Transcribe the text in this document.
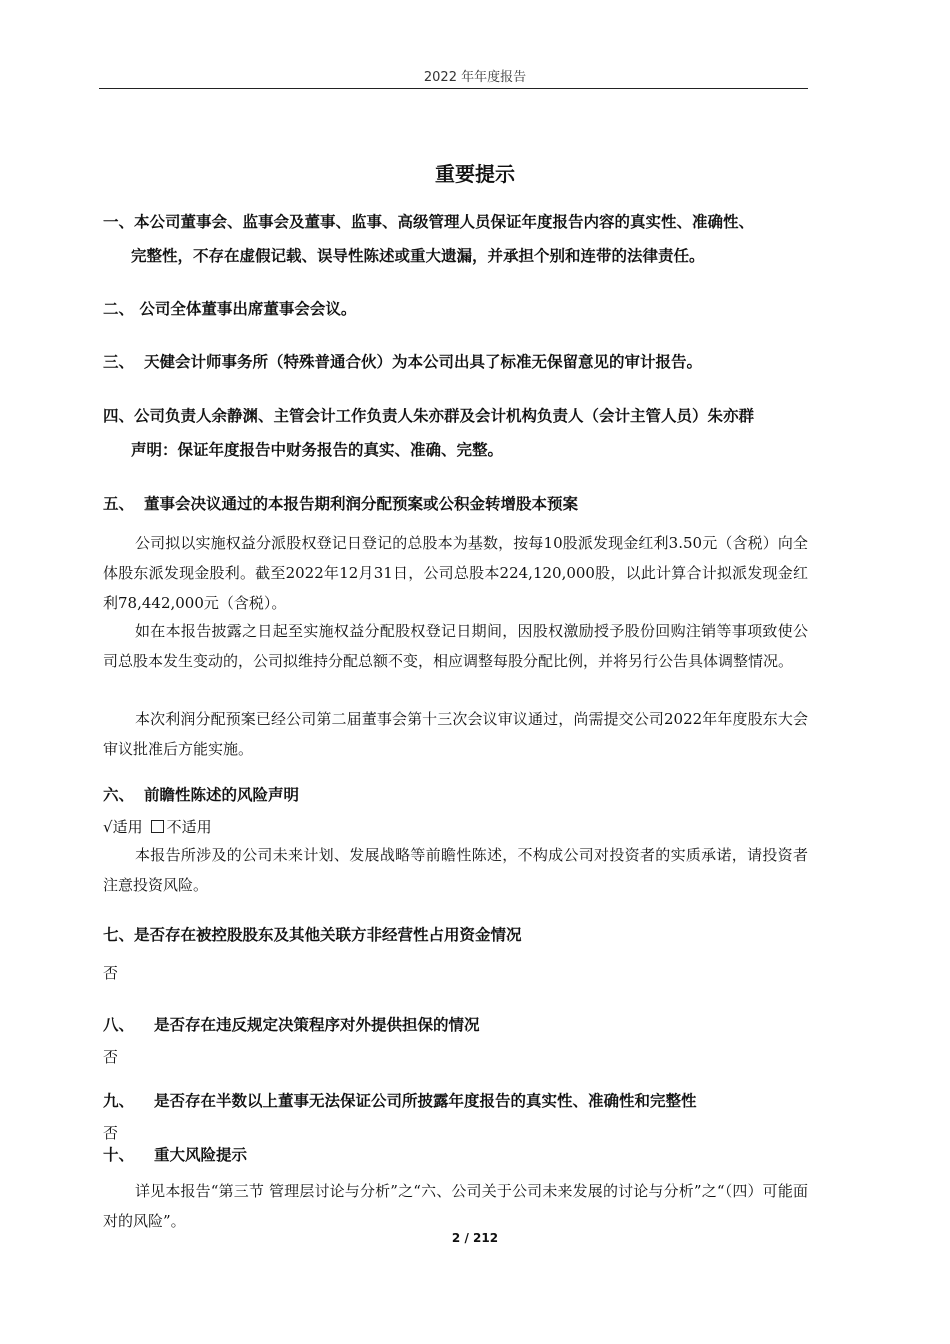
2022 年年度报告
重要提示
一、本公司董事会、监事会及董事、监事、高级管理人员保证年度报告内容的真实性、准确性、
完整性，不存在虚假记载、误导性陈述或重大遗漏，并承担个别和连带的法律责任。
二、 公司全体董事出席董事会会议。
三、 天健会计师事务所（特殊普通合伙）为本公司出具了标准无保留意见的审计报告。
四、公司负责人余静渊、主管会计工作负责人朱亦群及会计机构负责人（会计主管人员）朱亦群
声明：保证年度报告中财务报告的真实、准确、完整。
五、 董事会决议通过的本报告期利润分配预案或公积金转增股本预案
公司拟以实施权益分派股权登记日登记的总股本为基数，按每10股派发现金红利3.50元（含税）向全体股东派发现金股利。截至2022年12月31日，公司总股本224,120,000股，以此计算合计拟派发现金红利78,442,000元（含税）。
如在本报告披露之日起至实施权益分配股权登记日期间，因股权激励授予股份回购注销等事项致使公司总股本发生变动的，公司拟维持分配总额不变，相应调整每股分配比例，并将另行公告具体调整情况。
本次利润分配预案已经公司第二届董事会第十三次会议审议通过，尚需提交公司2022年年度股东大会审议批准后方能实施。
六、 前瞻性陈述的风险声明
√适用 不适用
本报告所涉及的公司未来计划、发展战略等前瞻性陈述，不构成公司对投资者的实质承诺，请投资者注意投资风险。
七、是否存在被控股股东及其他关联方非经营性占用资金情况
否
八、 是否存在违反规定决策程序对外提供担保的情况
否
九、 是否存在半数以上董事无法保证公司所披露年度报告的真实性、准确性和完整性
否
十、 重大风险提示
详见本报告“第三节 管理层讨论与分析”之“六、公司关于公司未来发展的讨论与分析”之“（四）可能面对的风险”。
2 / 212
